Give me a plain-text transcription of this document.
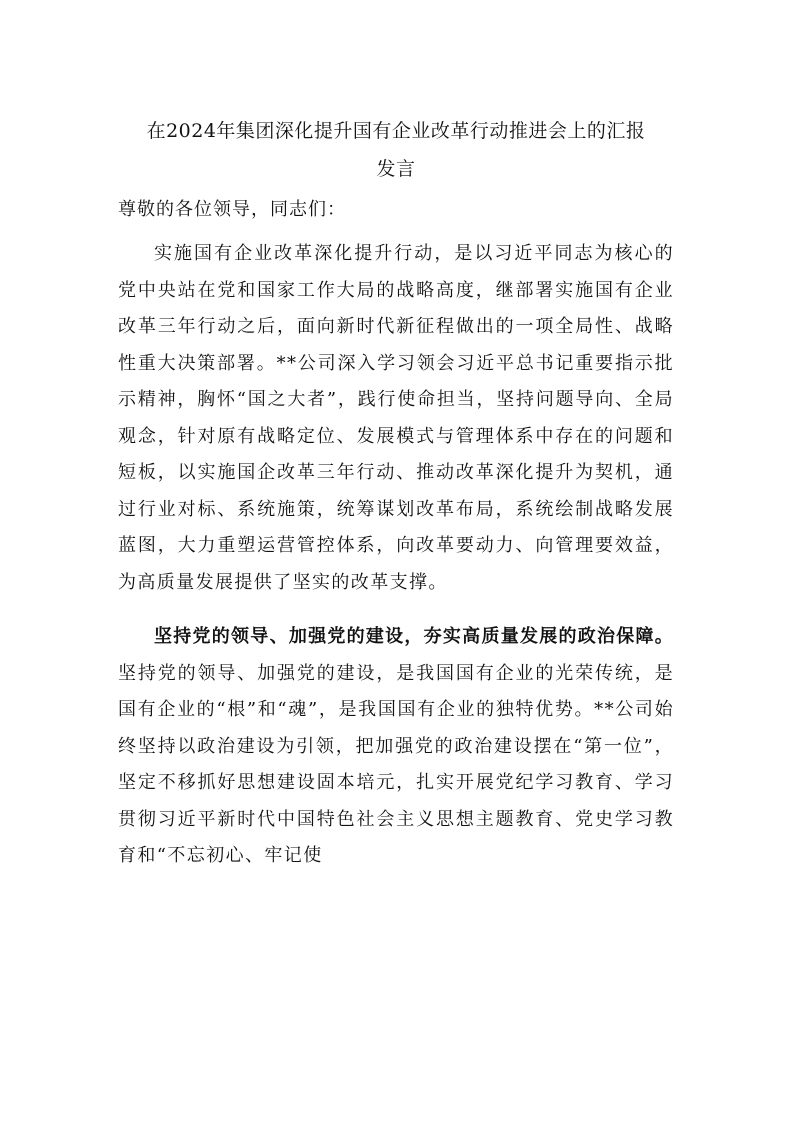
在2024年集团深化提升国有企业改革行动推进会上的汇报
发言

尊敬的各位领导，同志们：

实施国有企业改革深化提升行动，是以习近平同志为核心的党中央站在党和国家工作大局的战略高度，继部署实施国有企业改革三年行动之后，面向新时代新征程做出的一项全局性、战略性重大决策部署。**公司深入学习领会习近平总书记重要指示批示精神，胸怀“国之大者”，践行使命担当，坚持问题导向、全局观念，针对原有战略定位、发展模式与管理体系中存在的问题和短板，以实施国企改革三年行动、推动改革深化提升为契机，通过行业对标、系统施策，统筹谋划改革布局，系统绘制战略发展蓝图，大力重塑运营管控体系，向改革要动力、向管理要效益，为高质量发展提供了坚实的改革支撑。

坚持党的领导、加强党的建设，夯实高质量发展的政治保障。坚持党的领导、加强党的建设，是我国国有企业的光荣传统，是国有企业的“根”和“魂”，是我国国有企业的独特优势。**公司始终坚持以政治建设为引领，把加强党的政治建设摆在“第一位”，坚定不移抓好思想建设固本培元，扎实开展党纪学习教育、学习贯彻习近平新时代中国特色社会主义思想主题教育、党史学习教育和“不忘初心、牢记使
